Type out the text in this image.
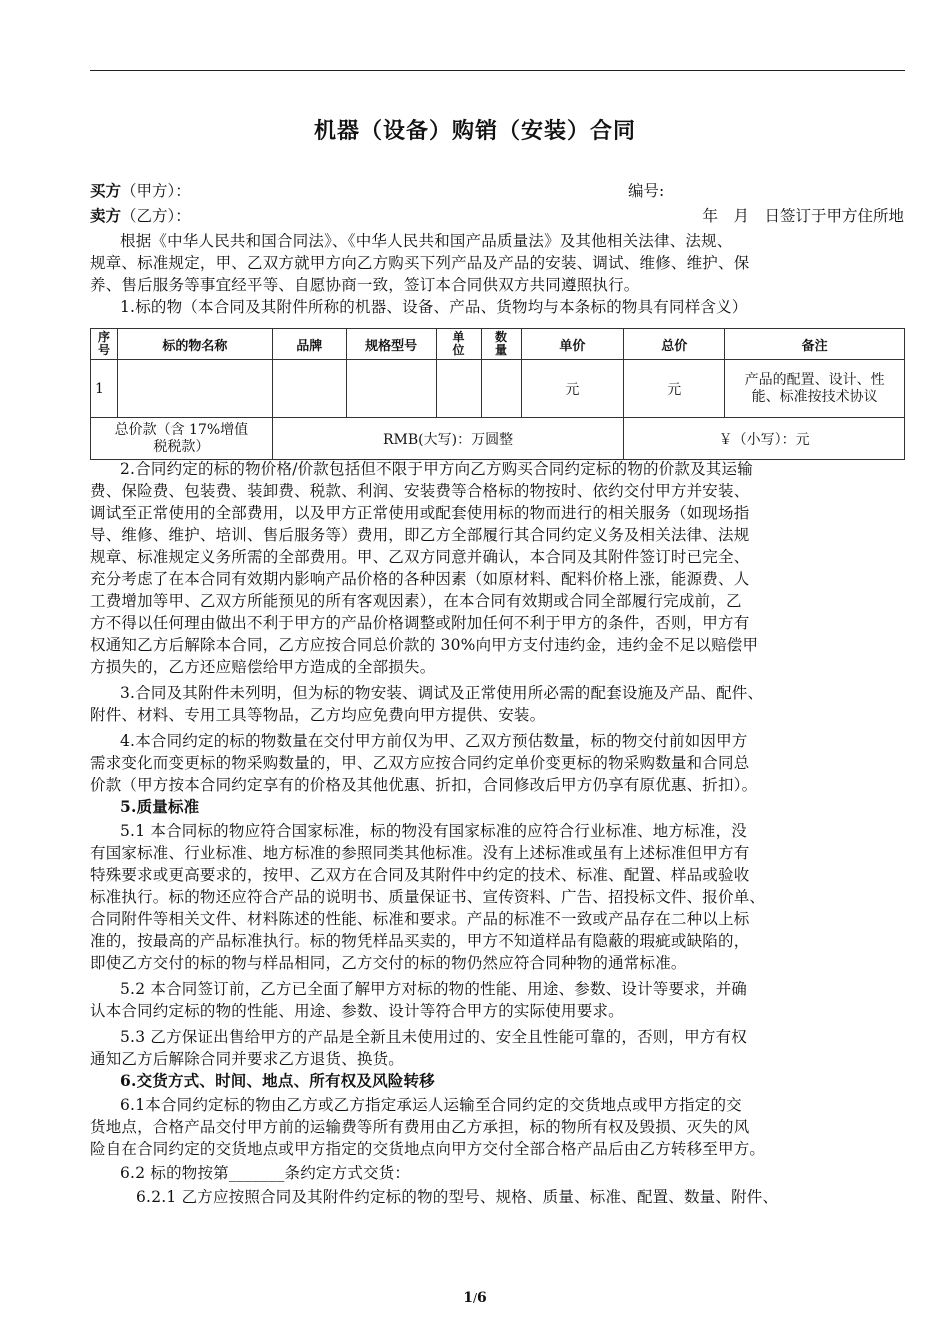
机器（设备）购销（安装）合同
买方（甲方）：	编号:
卖方（乙方）：	年　月　日签订于甲方住所地

根据《中华人民共和国合同法》、《中华人民共和国产品质量法》及其他相关法律、法规、

规章、标准规定，甲、乙双方就甲方向乙方购买下列产品及产品的安装、调试、维修、维护、保

养、售后服务等事宜经平等、自愿协商一致，签订本合同供双方共同遵照执行。

1.标的物（本合同及其附件所称的机器、设备、产品、货物均与本条标的物具有同样含义）

序号	标的物名称	品牌	规格型号	单位	数量	单价	总价	备注
1						元	元	产品的配置、设计、性能、标准按技术协议
总价款（含 17%增值税税款）		RMB(大写)：万圆整					￥（小写）：元	

2.合同约定的标的物价格/价款包括但不限于甲方向乙方购买合同约定标的物的价款及其运输

费、保险费、包装费、装卸费、税款、利润、安装费等合格标的物按时、依约交付甲方并安装、

调试至正常使用的全部费用，以及甲方正常使用或配套使用标的物而进行的相关服务（如现场指

导、维修、维护、培训、售后服务等）费用，即乙方全部履行其合同约定义务及相关法律、法规

规章、标准规定义务所需的全部费用。甲、乙双方同意并确认，本合同及其附件签订时已完全、

充分考虑了在本合同有效期内影响产品价格的各种因素（如原材料、配料价格上涨，能源费、人

工费增加等甲、乙双方所能预见的所有客观因素），在本合同有效期或合同全部履行完成前，乙

方不得以任何理由做出不利于甲方的产品价格调整或附加任何不利于甲方的条件，否则，甲方有

权通知乙方后解除本合同，乙方应按合同总价款的 30%向甲方支付违约金，违约金不足以赔偿甲

方损失的，乙方还应赔偿给甲方造成的全部损失。

3.合同及其附件未列明，但为标的物安装、调试及正常使用所必需的配套设施及产品、配件、

附件、材料、专用工具等物品，乙方均应免费向甲方提供、安装。

4.本合同约定的标的物数量在交付甲方前仅为甲、乙双方预估数量，标的物交付前如因甲方

需求变化而变更标的物采购数量的，甲、乙双方应按合同约定单价变更标的物采购数量和合同总

价款（甲方按本合同约定享有的价格及其他优惠、折扣，合同修改后甲方仍享有原优惠、折扣）。

5.质量标准

5.1 本合同标的物应符合国家标准，标的物没有国家标准的应符合行业标准、地方标准，没

有国家标准、行业标准、地方标准的参照同类其他标准。没有上述标准或虽有上述标准但甲方有

特殊要求或更高要求的，按甲、乙双方在合同及其附件中约定的技术、标准、配置、样品或验收

标准执行。标的物还应符合产品的说明书、质量保证书、宣传资料、广告、招投标文件、报价单、

合同附件等相关文件、材料陈述的性能、标准和要求。产品的标准不一致或产品存在二种以上标

准的，按最高的产品标准执行。标的物凭样品买卖的，甲方不知道样品有隐蔽的瑕疵或缺陷的，

即使乙方交付的标的物与样品相同，乙方交付的标的物仍然应符合同种物的通常标准。

5.2 本合同签订前，乙方已全面了解甲方对标的物的性能、用途、参数、设计等要求，并确

认本合同约定标的物的性能、用途、参数、设计等符合甲方的实际使用要求。

5.3 乙方保证出售给甲方的产品是全新且未使用过的、安全且性能可靠的，否则，甲方有权

通知乙方后解除合同并要求乙方退货、换货。

6.交货方式、时间、地点、所有权及风险转移

6.1本合同约定标的物由乙方或乙方指定承运人运输至合同约定的交货地点或甲方指定的交

货地点，合格产品交付甲方前的运输费等所有费用由乙方承担，标的物所有权及毁损、灭失的风

险自在合同约定的交货地点或甲方指定的交货地点向甲方交付全部合格产品后由乙方转移至甲方。

6.2 标的物按第_______条约定方式交货：

6.2.1 乙方应按照合同及其附件约定标的物的型号、规格、质量、标准、配置、数量、附件、

1/6
